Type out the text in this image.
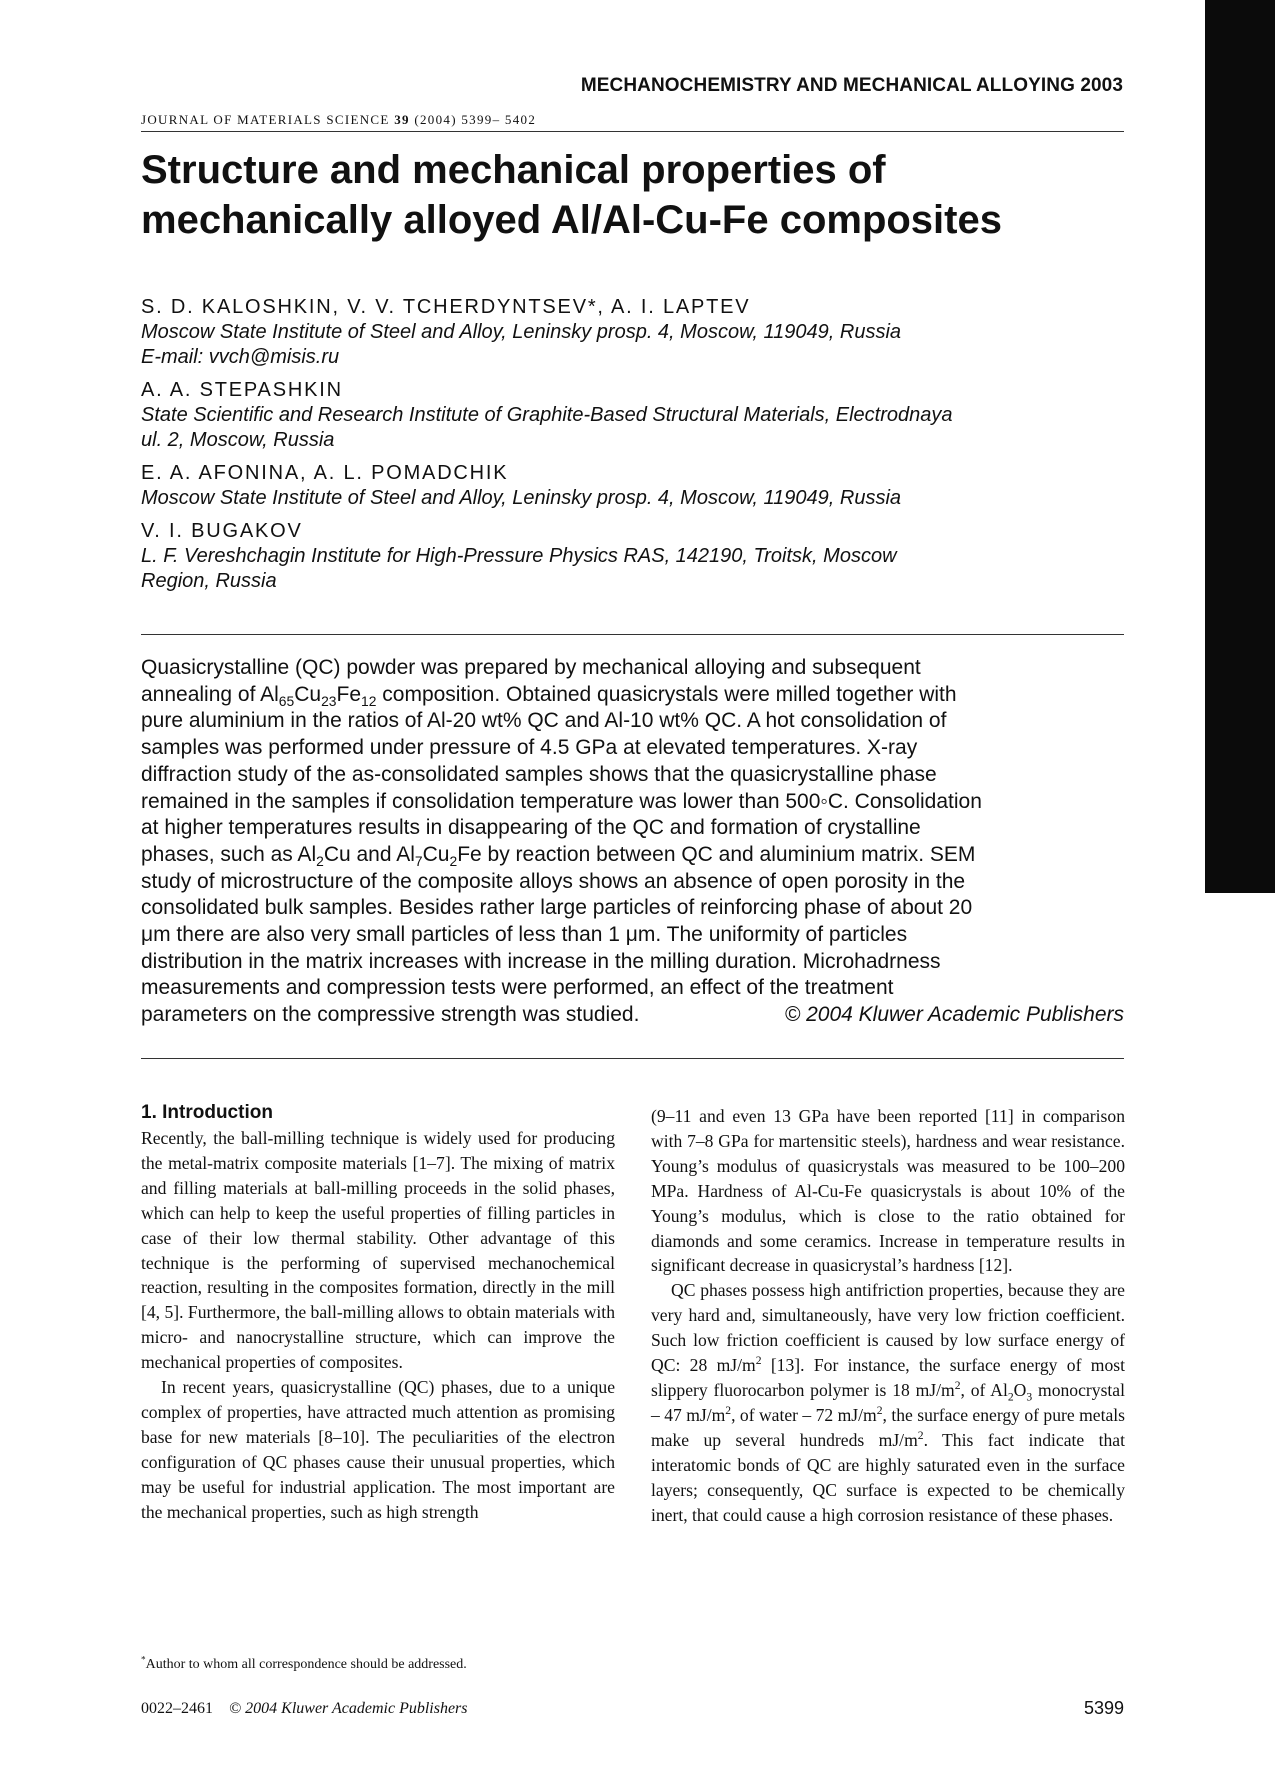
MECHANOCHEMISTRY AND MECHANICAL ALLOYING 2003
JOURNAL OF MATERIALS SCIENCE 39 (2004) 5399– 5402
Structure and mechanical properties of
mechanically alloyed Al/Al-Cu-Fe composites
S. D. KALOSHKIN, V. V. TCHERDYNTSEV*, A. I. LAPTEV
Moscow State Institute of Steel and Alloy, Leninsky prosp. 4, Moscow, 119049, Russia
E-mail: vvch@misis.ru
A. A. STEPASHKIN
State Scientific and Research Institute of Graphite-Based Structural Materials, Electrodnaya
ul. 2, Moscow, Russia
E. A. AFONINA, A. L. POMADCHIK
Moscow State Institute of Steel and Alloy, Leninsky prosp. 4, Moscow, 119049, Russia
V. I. BUGAKOV
L. F. Vereshchagin Institute for High-Pressure Physics RAS, 142190, Troitsk, Moscow
Region, Russia
Quasicrystalline (QC) powder was prepared by mechanical alloying and subsequent
annealing of $Al_{65}Cu_{23}Fe_{12}$ composition. Obtained quasicrystals were milled together with
pure aluminium in the ratios of Al-20 wt% QC and Al-10 wt% QC. A hot consolidation of
samples was performed under pressure of 4.5 GPa at elevated temperatures. X-ray
diffraction study of the as-consolidated samples shows that the quasicrystalline phase
remained in the samples if consolidation temperature was lower than 500◦C. Consolidation
at higher temperatures results in disappearing of the QC and formation of crystalline
phases, such as $Al_2Cu$ and $Al_7Cu_2Fe$ by reaction between QC and aluminium matrix. SEM
study of microstructure of the composite alloys shows an absence of open porosity in the
consolidated bulk samples. Besides rather large particles of reinforcing phase of about 20
μm there are also very small particles of less than 1 μm. The uniformity of particles
distribution in the matrix increases with increase in the milling duration. Microhadrness
measurements and compression tests were performed, an effect of the treatment
parameters on the compressive strength was studied.	© 2004 Kluwer Academic Publishers
1. Introduction

Recently, the ball-milling technique is widely used for producing the metal-matrix composite materials [1–7]. The mixing of matrix and filling materials at ball-milling proceeds in the solid phases, which can help to keep the useful properties of filling particles in case of their low thermal stability. Other advantage of this technique is the performing of supervised mechanochemical reaction, resulting in the composites formation, directly in the mill [4, 5]. Furthermore, the ball-milling allows to obtain materials with micro- and nanocrystalline structure, which can improve the mechanical properties of composites.

In recent years, quasicrystalline (QC) phases, due to a unique complex of properties, have attracted much attention as promising base for new materials [8–10]. The peculiarities of the electron configuration of QC phases cause their unusual properties, which may be useful for industrial application. The most important are the mechanical properties, such as high strength

(9–11 and even 13 GPa have been reported [11] in comparison with 7–8 GPa for martensitic steels), hardness and wear resistance. Young’s modulus of quasicrystals was measured to be 100–200 MPa. Hardness of Al-Cu-Fe quasicrystals is about 10% of the Young’s modulus, which is close to the ratio obtained for diamonds and some ceramics. Increase in temperature results in significant decrease in quasicrystal’s hardness [12].

QC phases possess high antifriction properties, because they are very hard and, simultaneously, have very low friction coefficient. Such low friction coefficient is caused by low surface energy of QC: 28 $mJ/m^2$ [13]. For instance, the surface energy of most slippery fluorocarbon polymer is 18 $mJ/m^2$, of $Al_2O_3$ monocrystal – 47 $mJ/m^2$, of water – 72 $mJ/m^2$, the surface energy of pure metals make up several hundreds $mJ/m^2$. This fact indicate that interatomic bonds of QC are highly saturated even in the surface layers; consequently, QC surface is expected to be chemically inert, that could cause a high corrosion resistance of these phases.

*Author to whom all correspondence should be addressed.
0022–2461 © 2004 Kluwer Academic Publishers	5399
